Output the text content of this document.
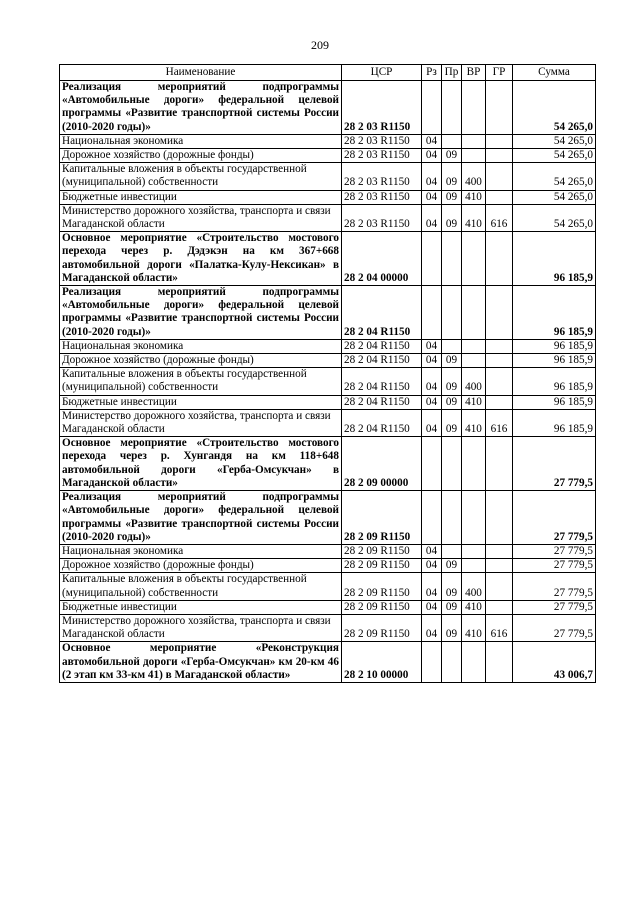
209
Наименование	ЦСР	Рз	Пр	ВР	ГР	Сумма
Реализация мероприятий подпрограммы «Автомобильные дороги» федеральной целевой программы «Развитие транспортной системы России (2010-2020 годы)»	28 2 03 R1150					54 265,0
Национальная экономика	28 2 03 R1150	04				54 265,0
Дорожное хозяйство (дорожные фонды)	28 2 03 R1150	04	09			54 265,0
Капитальные вложения в объекты государственной (муниципальной) собственности	28 2 03 R1150	04	09	400		54 265,0
Бюджетные инвестиции	28 2 03 R1150	04	09	410		54 265,0
Министерство дорожного хозяйства, транспорта и связи Магаданской области	28 2 03 R1150	04	09	410	616	54 265,0
Основное мероприятие «Строительство мостового перехода через р. Дэдэкэн на км 367+668 автомобильной дороги «Палатка-Кулу-Нексикан» в Магаданской области»	28 2 04 00000					96 185,9
Реализация мероприятий подпрограммы «Автомобильные дороги» федеральной целевой программы «Развитие транспортной системы России (2010-2020 годы)»	28 2 04 R1150					96 185,9
Национальная экономика	28 2 04 R1150	04				96 185,9
Дорожное хозяйство (дорожные фонды)	28 2 04 R1150	04	09			96 185,9
Капитальные вложения в объекты государственной (муниципальной) собственности	28 2 04 R1150	04	09	400		96 185,9
Бюджетные инвестиции	28 2 04 R1150	04	09	410		96 185,9
Министерство дорожного хозяйства, транспорта и связи Магаданской области	28 2 04 R1150	04	09	410	616	96 185,9
Основное мероприятие «Строительство мостового перехода через р. Хунгандя на км 118+648 автомобильной дороги «Герба-Омсукчан» в Магаданской области»	28 2 09 00000					27 779,5
Реализация мероприятий подпрограммы «Автомобильные дороги» федеральной целевой программы «Развитие транспортной системы России (2010-2020 годы)»	28 2 09 R1150					27 779,5
Национальная экономика	28 2 09 R1150	04				27 779,5
Дорожное хозяйство (дорожные фонды)	28 2 09 R1150	04	09			27 779,5
Капитальные вложения в объекты государственной (муниципальной) собственности	28 2 09 R1150	04	09	400		27 779,5
Бюджетные инвестиции	28 2 09 R1150	04	09	410		27 779,5
Министерство дорожного хозяйства, транспорта и связи Магаданской области	28 2 09 R1150	04	09	410	616	27 779,5
Основное мероприятие «Реконструкция автомобильной дороги «Герба-Омсукчан» км 20-км 46 (2 этап км 33-км 41) в Магаданской области»	28 2 10 00000					43 006,7
